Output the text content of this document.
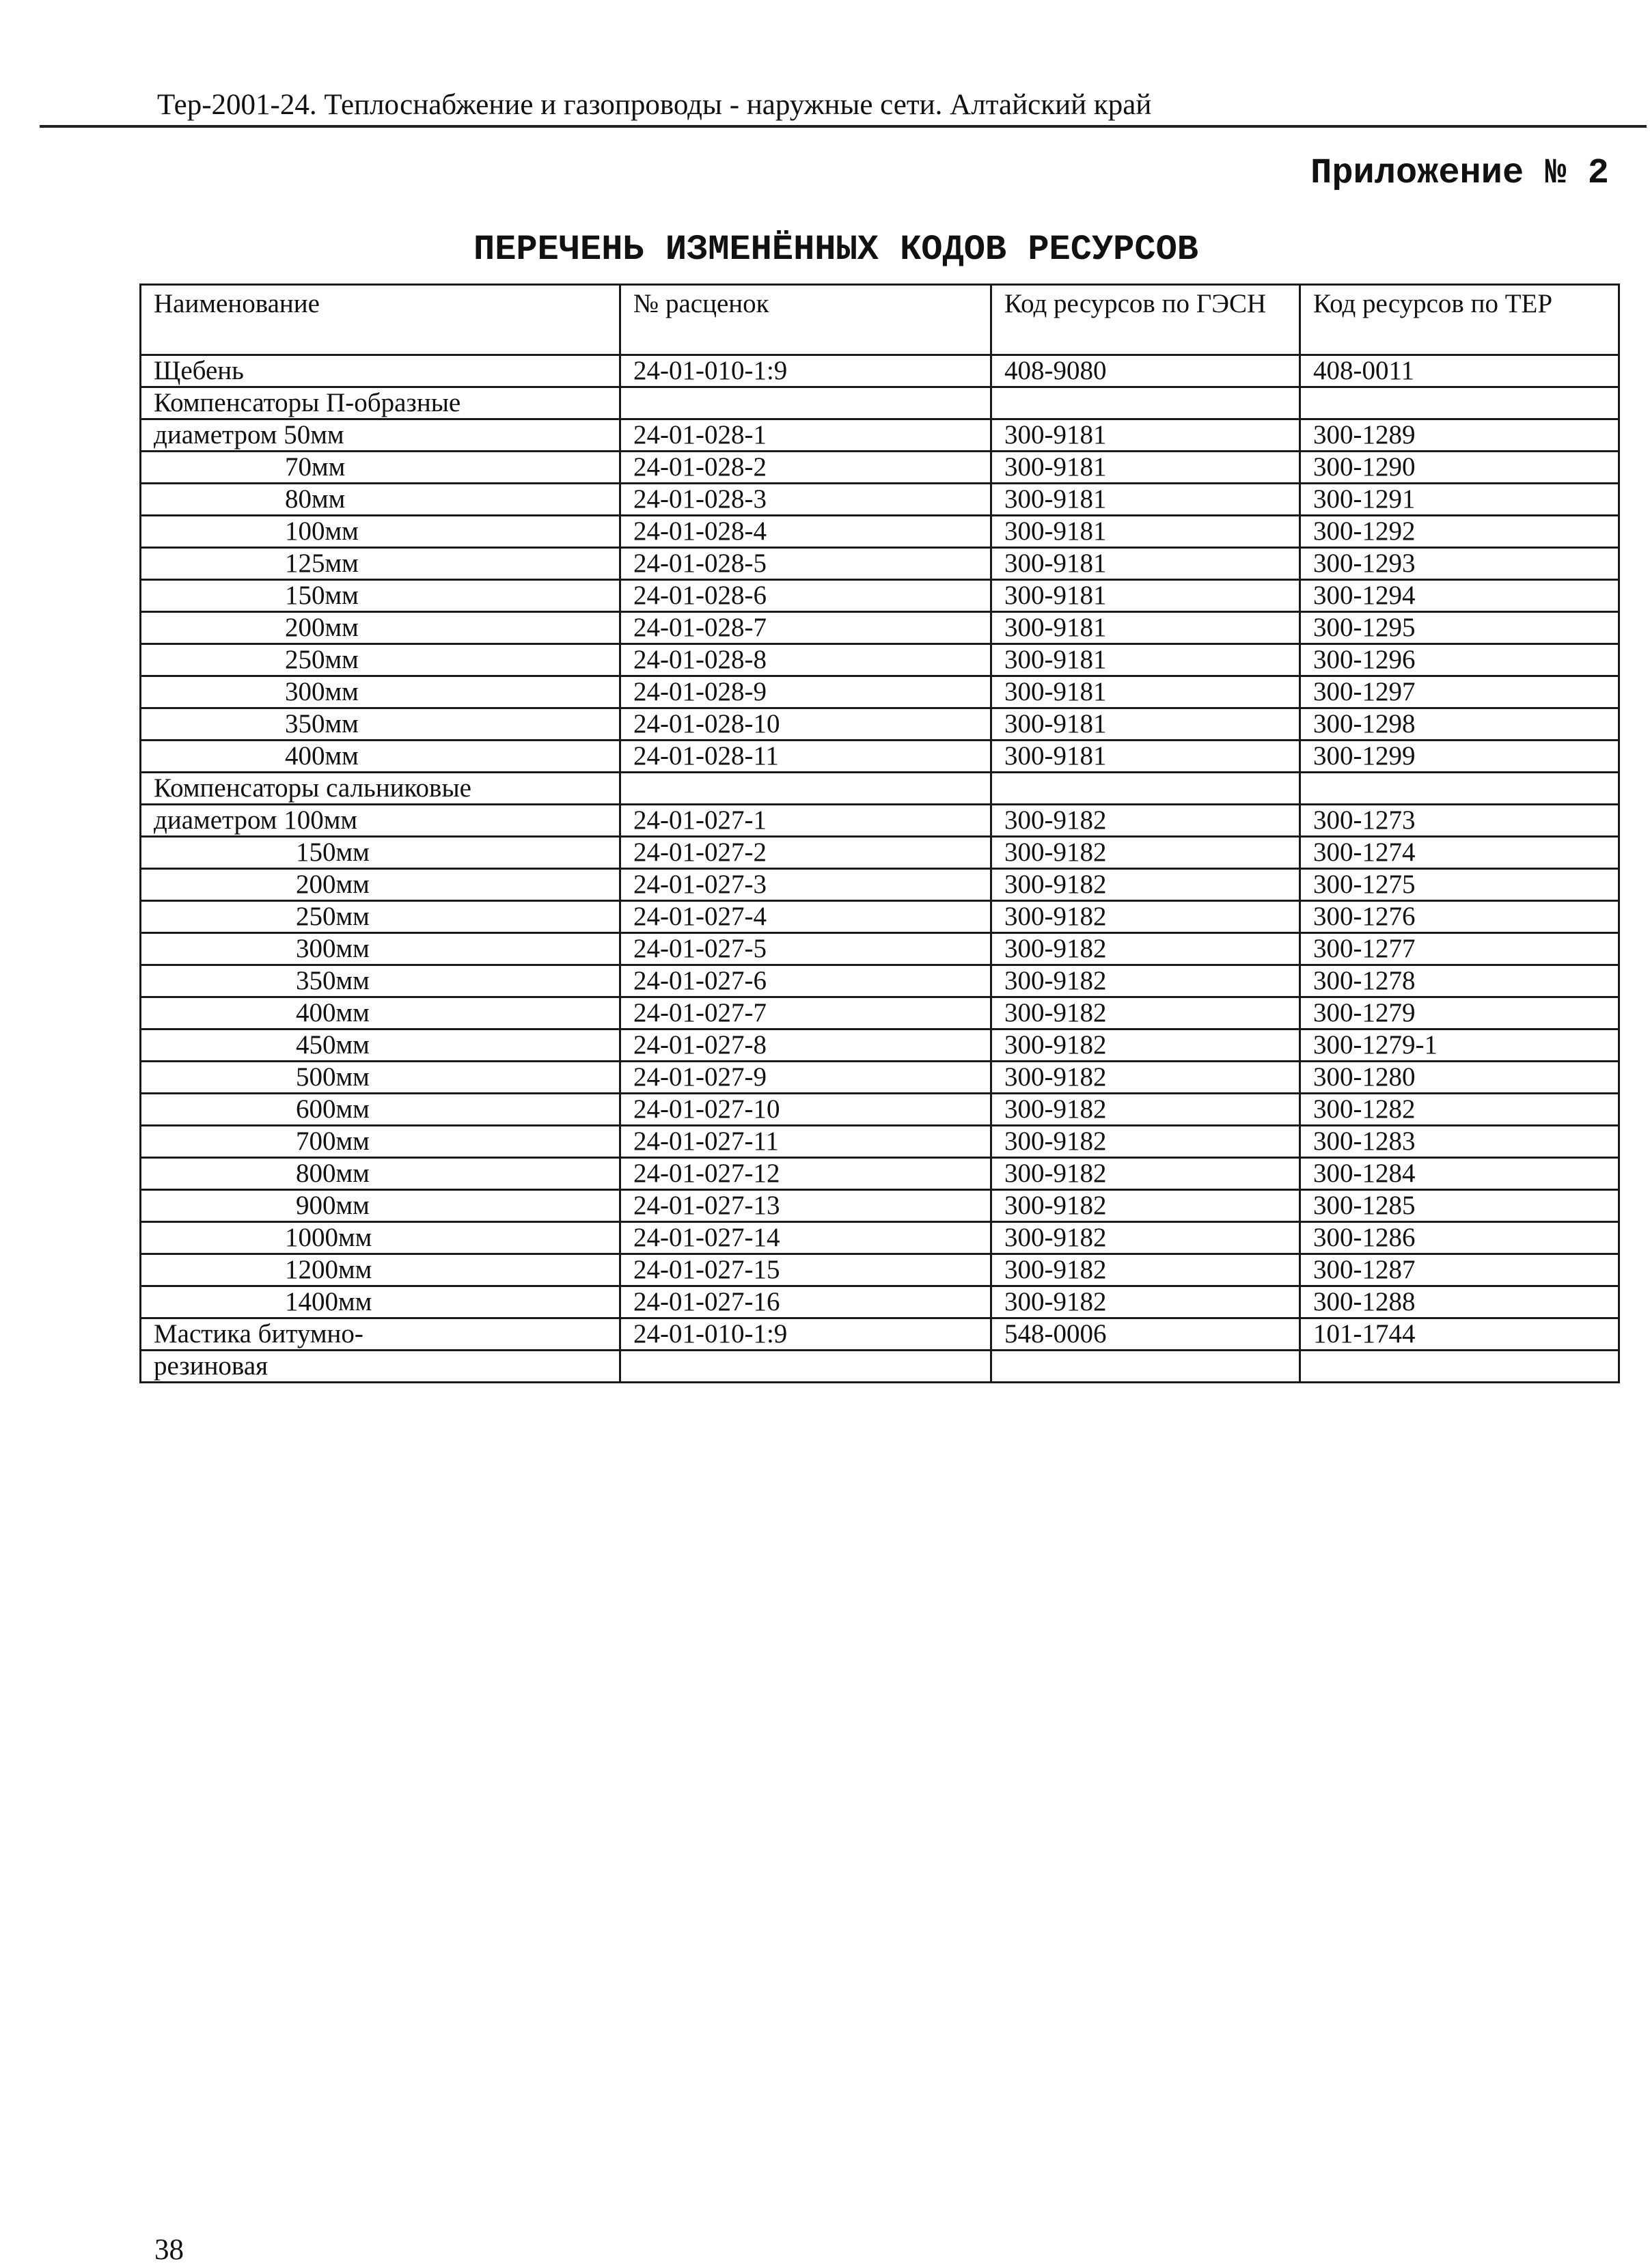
Тер-2001-24. Теплоснабжение и газопроводы - наружные сети. Алтайский край
Приложение № 2
ПЕРЕЧЕНЬ ИЗМЕНЁННЫХ КОДОВ РЕСУРСОВ
Наименование	№ расценок	Код ресурсов по ГЭСН	Код ресурсов по ТЕР
Щебень	24-01-010-1:9	408-9080	408-0011
Компенсаторы П-образные			
диаметром 50мм	24-01-028-1	300-9181	300-1289
70мм	24-01-028-2	300-9181	300-1290
80мм	24-01-028-3	300-9181	300-1291
100мм	24-01-028-4	300-9181	300-1292
125мм	24-01-028-5	300-9181	300-1293
150мм	24-01-028-6	300-9181	300-1294
200мм	24-01-028-7	300-9181	300-1295
250мм	24-01-028-8	300-9181	300-1296
300мм	24-01-028-9	300-9181	300-1297
350мм	24-01-028-10	300-9181	300-1298
400мм	24-01-028-11	300-9181	300-1299
Компенсаторы сальниковые			
диаметром 100мм	24-01-027-1	300-9182	300-1273
150мм	24-01-027-2	300-9182	300-1274
200мм	24-01-027-3	300-9182	300-1275
250мм	24-01-027-4	300-9182	300-1276
300мм	24-01-027-5	300-9182	300-1277
350мм	24-01-027-6	300-9182	300-1278
400мм	24-01-027-7	300-9182	300-1279
450мм	24-01-027-8	300-9182	300-1279-1
500мм	24-01-027-9	300-9182	300-1280
600мм	24-01-027-10	300-9182	300-1282
700мм	24-01-027-11	300-9182	300-1283
800мм	24-01-027-12	300-9182	300-1284
900мм	24-01-027-13	300-9182	300-1285
1000мм	24-01-027-14	300-9182	300-1286
1200мм	24-01-027-15	300-9182	300-1287
1400мм	24-01-027-16	300-9182	300-1288
Мастика битумно-	24-01-010-1:9	548-0006	101-1744
резиновая			
38
